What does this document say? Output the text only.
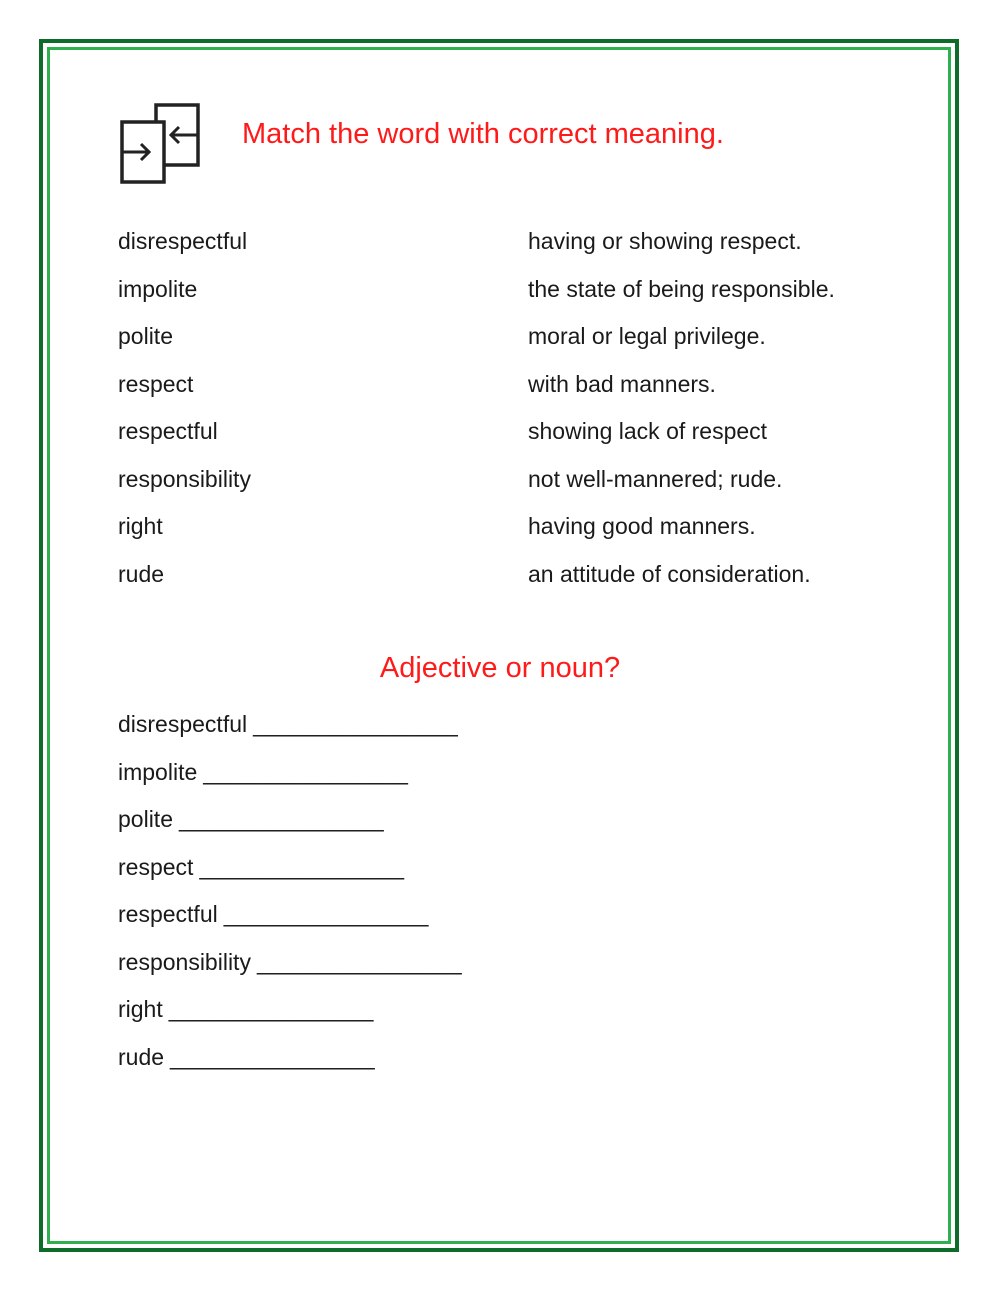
Match the word with correct meaning.
disrespectful	having or showing respect.
impolite	the state of being responsible.
polite	moral or legal privilege.
respect	with bad manners.
respectful	showing lack of respect
responsibility	not well-mannered; rude.
right	having good manners.
rude	an attitude of consideration.
Adjective or noun?
disrespectful ________________
impolite ________________
polite ________________
respect ________________
respectful ________________
responsibility ________________
right ________________
rude ________________
